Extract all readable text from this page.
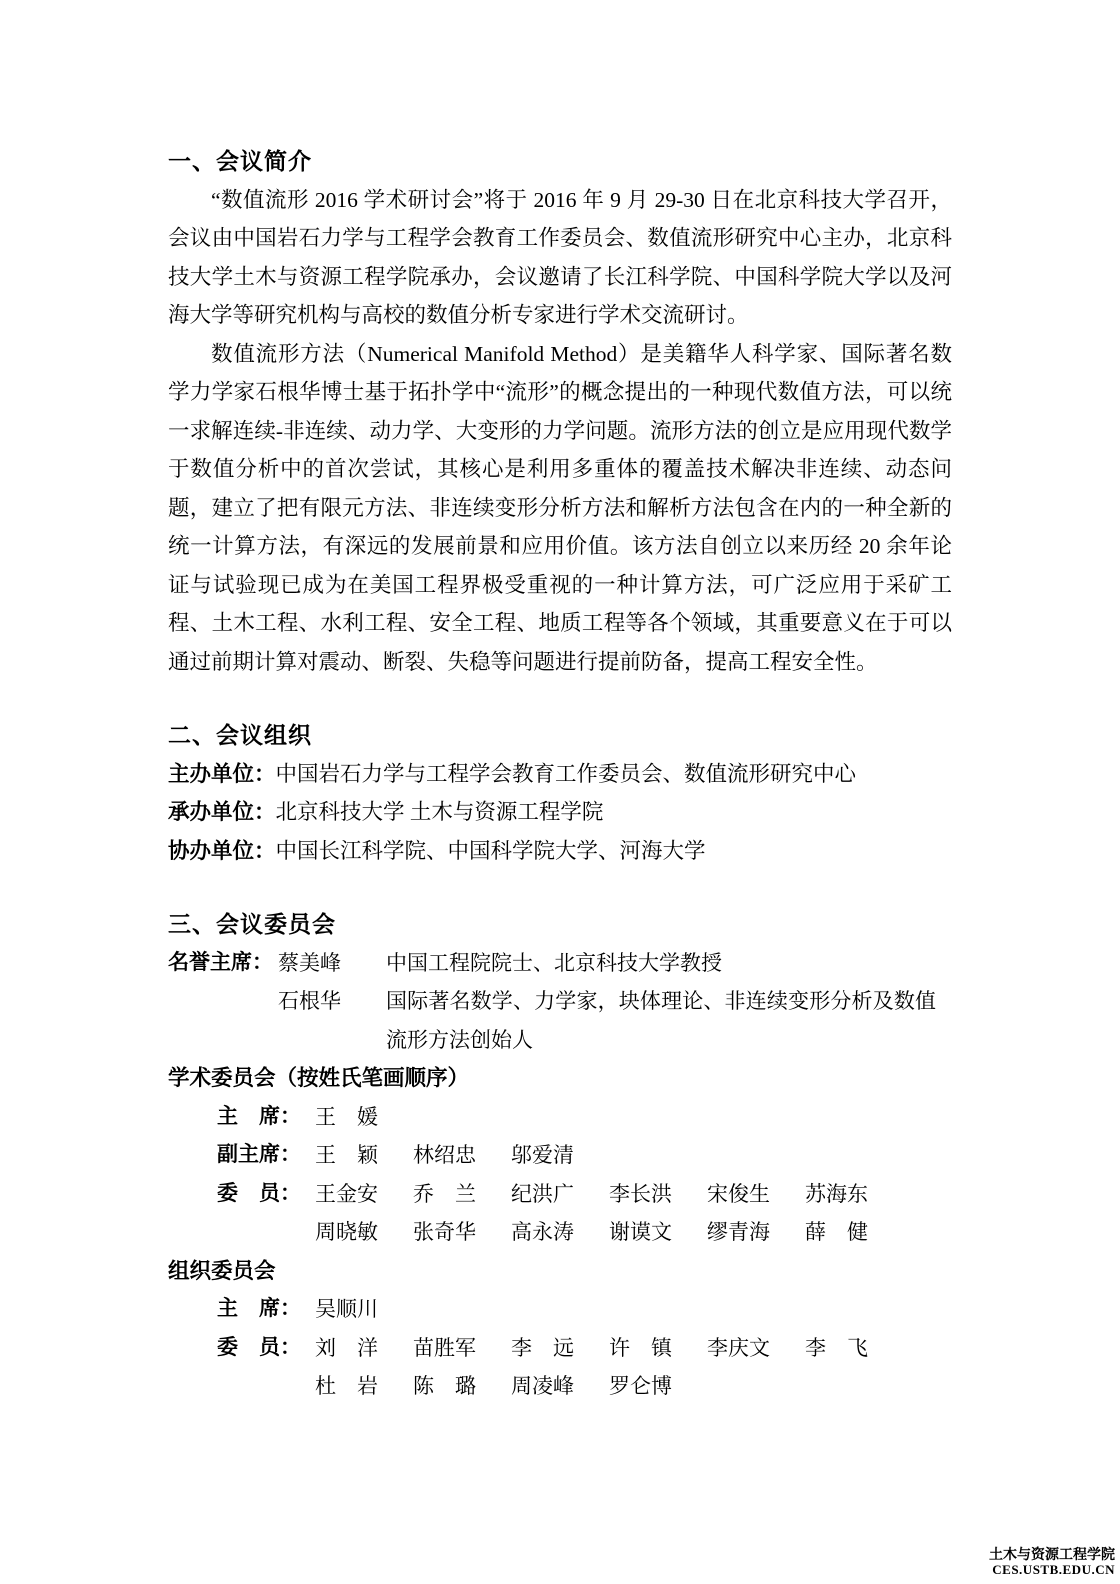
一、会议简介

“数值流形 2016 学术研讨会”将于 2016 年 9 月 29-30 日在北京科技大学召开，会议由中国岩石力学与工程学会教育工作委员会、数值流形研究中心主办，北京科技大学土木与资源工程学院承办，会议邀请了长江科学院、中国科学院大学以及河海大学等研究机构与高校的数值分析专家进行学术交流研讨。

数值流形方法（Numerical Manifold Method）是美籍华人科学家、国际著名数学力学家石根华博士基于拓扑学中“流形”的概念提出的一种现代数值方法，可以统一求解连续-非连续、动力学、大变形的力学问题。流形方法的创立是应用现代数学于数值分析中的首次尝试，其核心是利用多重体的覆盖技术解决非连续、动态问题，建立了把有限元方法、非连续变形分析方法和解析方法包含在内的一种全新的统一计算方法，有深远的发展前景和应用价值。该方法自创立以来历经 20 余年论证与试验现已成为在美国工程界极受重视的一种计算方法，可广泛应用于采矿工程、土木工程、水利工程、安全工程、地质工程等各个领域，其重要意义在于可以通过前期计算对震动、断裂、失稳等问题进行提前防备，提高工程安全性。

二、会议组织
主办单位：中国岩石力学与工程学会教育工作委员会、数值流形研究中心
承办单位：北京科技大学 土木与资源工程学院
协办单位：中国长江科学院、中国科学院大学、河海大学
三、会议委员会
名誉主席： 蔡美峰	中国工程院院士、北京科技大学教授
石根华	国际著名数学、力学家，块体理论、非连续变形分析及数值流形方法创始人
学术委员会（按姓氏笔画顺序）
主　席： 王　媛
副主席： 王　颖 林绍忠 邬爱清
委　员： 王金安 乔　兰 纪洪广 李长洪 宋俊生 苏海东
周晓敏 张奇华 高永涛 谢谟文 缪青海 薛　健
组织委员会
主　席： 吴顺川
委　员： 刘　洋 苗胜军 李　远 许　镇 李庆文 李　飞
杜　岩 陈　璐 周凌峰 罗仑博
土木与资源工程学院
CES.USTB.EDU.CN
